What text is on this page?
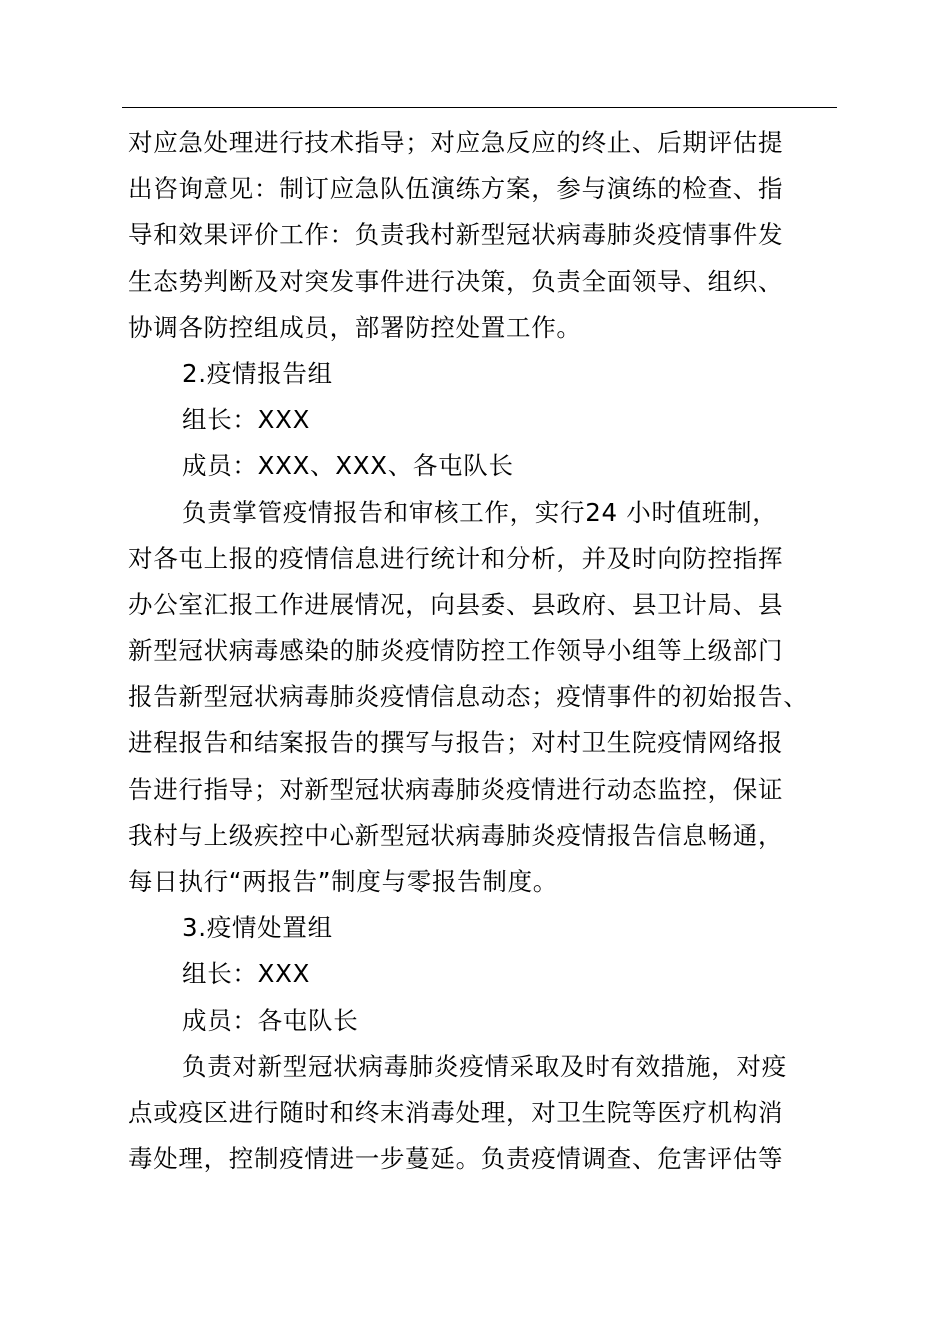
对应急处理进行技术指导；对应急反应的终止、后期评估提
出咨询意见：制订应急队伍演练方案，参与演练的检查、指
导和效果评价工作：负责我村新型冠状病毒肺炎疫情事件发
生态势判断及对突发事件进行决策，负责全面领导、组织、
协调各防控组成员，部署防控处置工作。
2.疫情报告组
组长：XXX
成员：XXX、XXX、各屯队长
负责掌管疫情报告和审核工作，实行24 小时值班制，
对各屯上报的疫情信息进行统计和分析，并及时向防控指挥
办公室汇报工作进展情况，向县委、县政府、县卫计局、县
新型冠状病毒感染的肺炎疫情防控工作领导小组等上级部门
报告新型冠状病毒肺炎疫情信息动态；疫情事件的初始报告、
进程报告和结案报告的撰写与报告；对村卫生院疫情网络报
告进行指导；对新型冠状病毒肺炎疫情进行动态监控，保证
我村与上级疾控中心新型冠状病毒肺炎疫情报告信息畅通，
每日执行“两报告”制度与零报告制度。
3.疫情处置组
组长：XXX
成员：各屯队长
负责对新型冠状病毒肺炎疫情采取及时有效措施，对疫
点或疫区进行随时和终末消毒处理，对卫生院等医疗机构消
毒处理，控制疫情进一步蔓延。负责疫情调查、危害评估等
